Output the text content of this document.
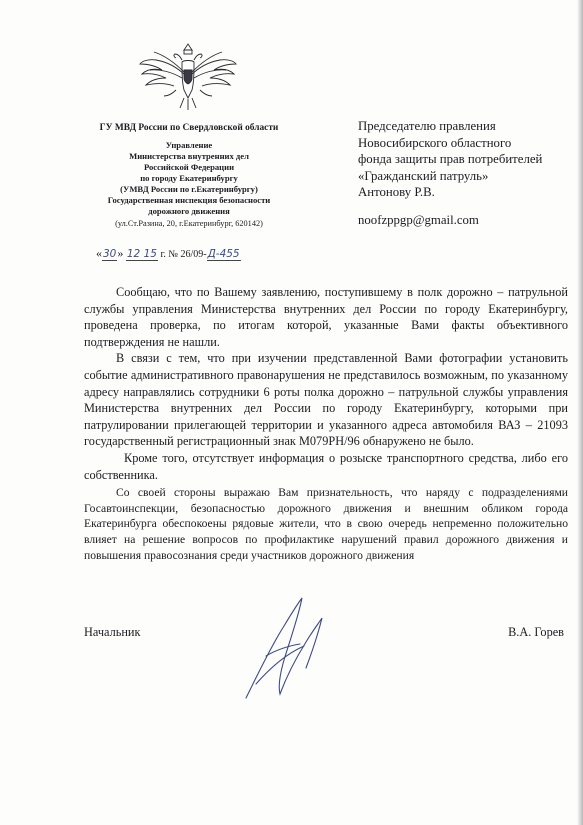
ГУ МВД России по Свердловской области
Управление
Министерства внутренних дел
Российской Федерации
по городу Екатеринбургу
(УМВД России по г.Екатеринбургу)
Государственная инспекция безопасности
дорожного движения
(ул.Ст.Разина, 20, г.Екатеринбург, 620142)
«30» 12 15 г. № 26/09-Д-455
Председателю правления
Новосибирского областного
фонда защиты прав потребителей
«Гражданский патруль»
Антонову Р.В.
noofzppgp@gmail.com

Сообщаю, что по Вашему заявлению, поступившему в полк дорожно – патрульной службы управления Министерства внутренних дел России по городу Екатеринбургу, проведена проверка, по итогам которой, указанные Вами факты объективного подтверждения не нашли.

В связи с тем, что при изучении представленной Вами фотографии установить событие административного правонарушения не представилось возможным, по указанному адресу направлялись сотрудники 6 роты полка дорожно – патрульной службы управления Министерства внутренних дел России по городу Екатеринбургу, которыми при патрулировании прилегающей территории и указанного адреса автомобиля ВАЗ – 21093 государственный регистрационный знак М079РН/96 обнаружено не было.

Кроме того, отсутствует информация о розыске транспортного средства, либо его собственника.

Со своей стороны выражаю Вам признательность, что наряду с подразделениями Госавтоинспекции, безопасностью дорожного движения и внешним обликом города Екатеринбурга обеспокоены рядовые жители, что в свою очередь непременно положительно влияет на решение вопросов по профилактике нарушений правил дорожного движения и повышения правосознания среди участников дорожного движения

Начальник	В.А. Горев
